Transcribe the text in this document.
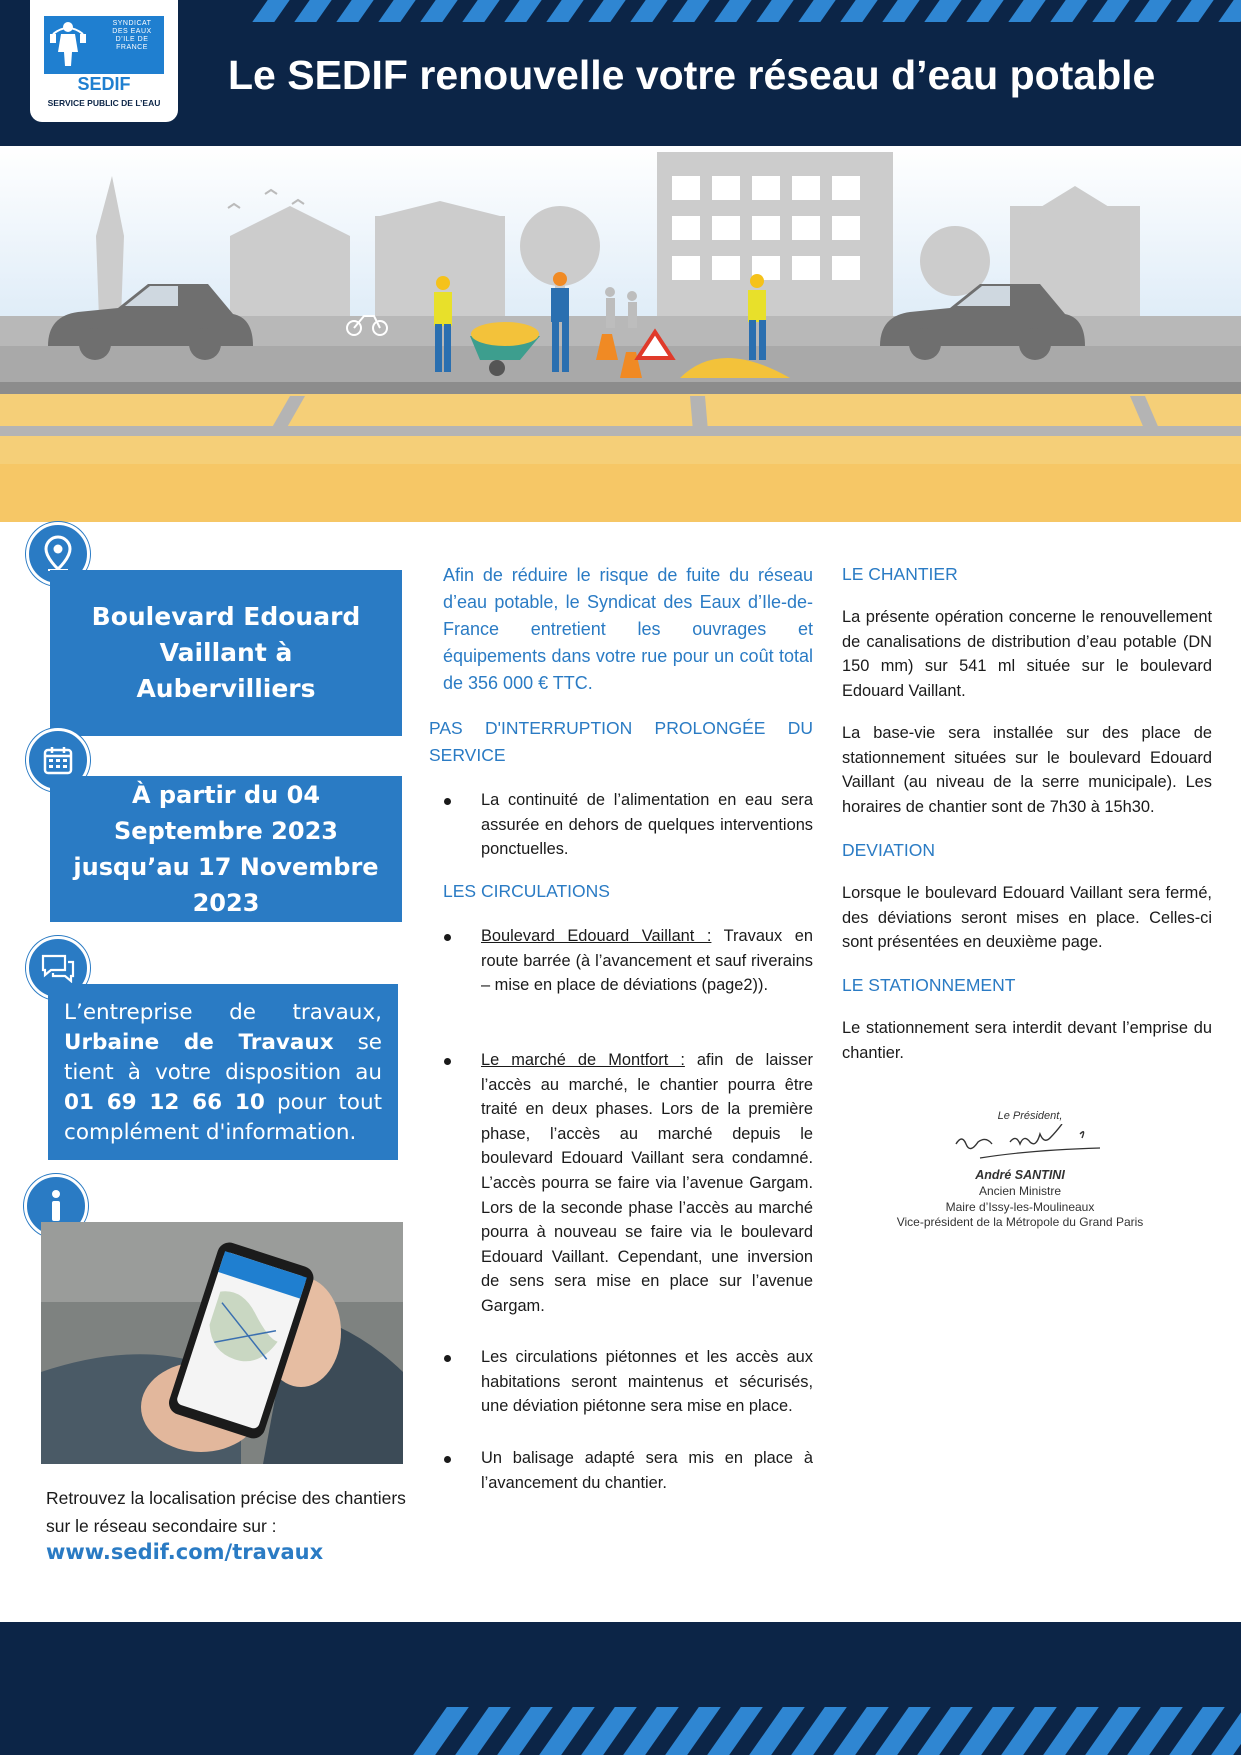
SYNDICAT
DES EAUX
D’ILE DE
FRANCE
SEDIF
SERVICE PUBLIC DE L’EAU
Le SEDIF renouvelle votre réseau d’eau potable
Boulevard Edouard Vaillant à Aubervilliers
À partir du 04 Septembre 2023 jusqu’au 17 Novembre 2023
L’entreprise de travaux, Urbaine de Travaux se tient à votre disposition au 01 69 12 66 10 pour tout complément d'information.
Retrouvez la localisation précise des chantiers sur le réseau secondaire sur :
www.sedif.com/travaux
Afin de réduire le risque de fuite du réseau d’eau potable, le Syndicat des Eaux d’Ile-de-France entretient les ouvrages et équipements dans votre rue pour un coût total de 356 000 € TTC.
PAS D'INTERRUPTION PROLONGÉE DU SERVICE
La continuité de l’alimentation en eau sera assurée en dehors de quelques interventions ponctuelles.
LES CIRCULATIONS
Boulevard Edouard Vaillant : Travaux en route barrée (à l’avancement et sauf riverains – mise en place de déviations (page2)).
Le marché de Montfort : afin de laisser l’accès au marché, le chantier pourra être traité en deux phases. Lors de la première phase, l’accès au marché depuis le boulevard Edouard Vaillant sera condamné. L’accès pourra se faire via l’avenue Gargam. Lors de la seconde phase l’accès au marché pourra à nouveau se faire via le boulevard Edouard Vaillant. Cependant, une inversion de sens sera mise en place sur l’avenue Gargam.
Les circulations piétonnes et les accès aux habitations seront maintenus et sécurisés, une déviation piétonne sera mise en place.
Un balisage adapté sera mis en place à l’avancement du chantier.
LE CHANTIER
La présente opération concerne le renouvellement de canalisations de distribution d’eau potable (DN 150 mm) sur 541 ml située sur le boulevard Edouard Vaillant.
La base-vie sera installée sur des place de stationnement situées sur le boulevard Edouard Vaillant (au niveau de la serre municipale). Les horaires de chantier sont de 7h30 à 15h30.
DEVIATION
Lorsque le boulevard Edouard Vaillant sera fermé, des déviations seront mises en place. Celles-ci sont présentées en deuxième page.
LE STATIONNEMENT
Le stationnement sera interdit devant l’emprise du chantier.
Le Président,
André SANTINI
Ancien Ministre
Maire d’Issy-les-Moulineaux
Vice-président de la Métropole du Grand Paris
